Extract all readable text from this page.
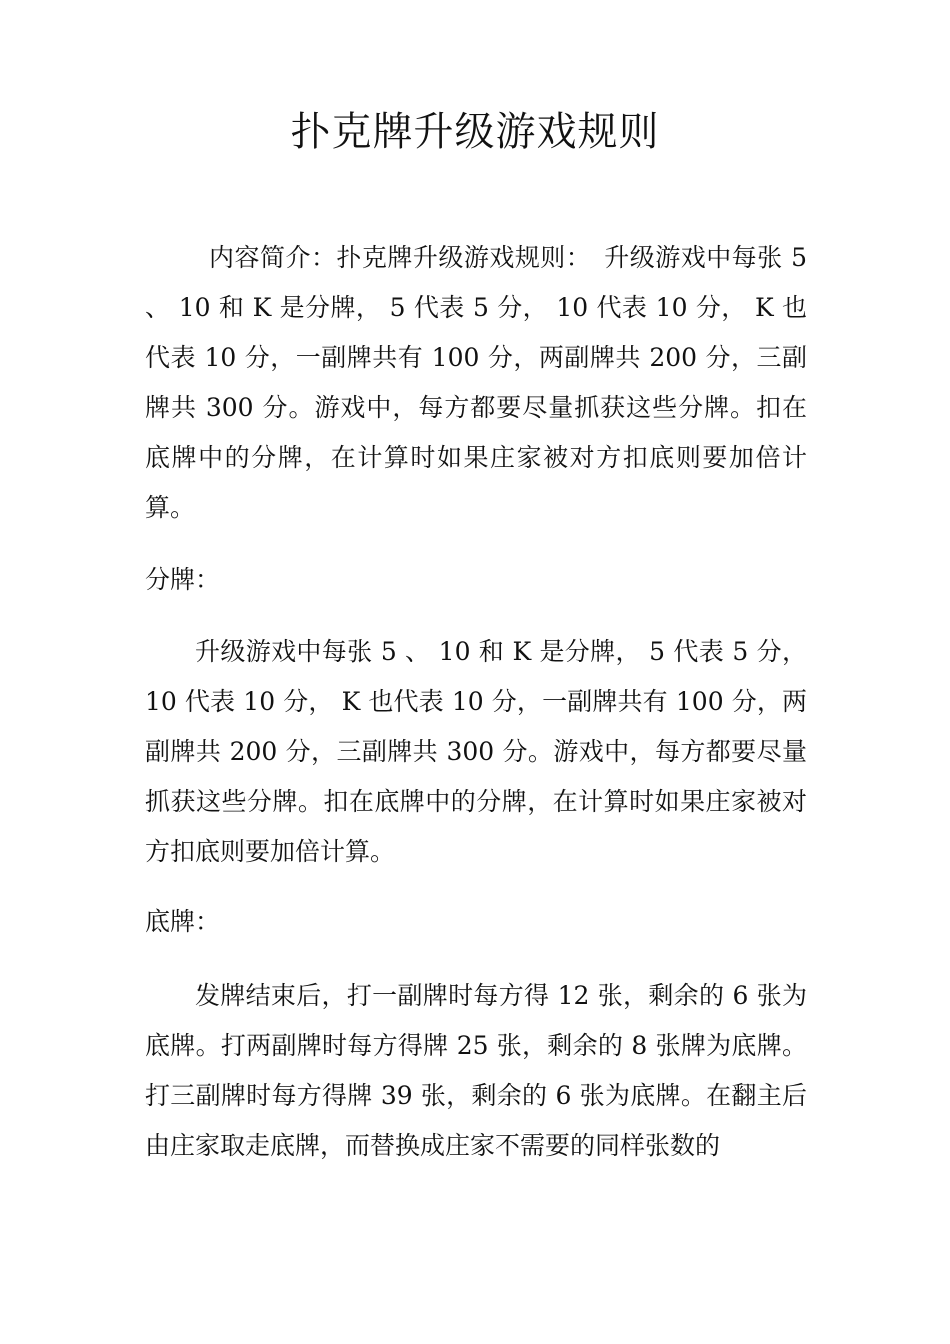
扑克牌升级游戏规则

内容简介：扑克牌升级游戏规则：　升级游戏中每张 5 、 10 和 K 是分牌， 5 代表 5 分， 10 代表 10 分， K 也代表 10 分，一副牌共有 100 分，两副牌共 200 分，三副牌共 300 分。游戏中，每方都要尽量抓获这些分牌。扣在底牌中的分牌，在计算时如果庄家被对方扣底则要加倍计算。

分牌：

升级游戏中每张 5 、 10 和 K 是分牌， 5 代表 5 分， 10 代表 10 分， K 也代表 10 分，一副牌共有 100 分，两副牌共 200 分，三副牌共 300 分。游戏中，每方都要尽量抓获这些分牌。扣在底牌中的分牌，在计算时如果庄家被对方扣底则要加倍计算。

底牌：

发牌结束后，打一副牌时每方得 12 张，剩余的 6 张为底牌。打两副牌时每方得牌 25 张，剩余的 8 张牌为底牌。打三副牌时每方得牌 39 张，剩余的 6 张为底牌。在翻主后由庄家取走底牌，而替换成庄家不需要的同样张数的
